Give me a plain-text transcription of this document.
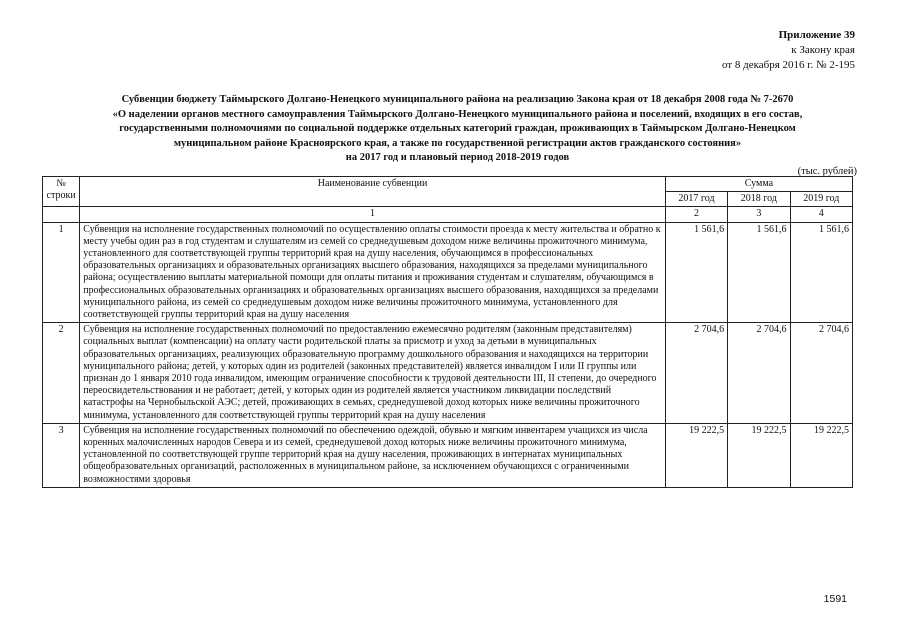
Приложение 39
к Закону края
от 8 декабря 2016 г. № 2-195
Субвенции бюджету Таймырского Долгано-Ненецкого муниципального района на реализацию Закона края от 18 декабря 2008 года № 7-2670
«О наделении органов местного самоуправления Таймырского Долгано-Ненецкого муниципального района и поселений, входящих в его состав,
государственными полномочиями по социальной поддержке отдельных категорий граждан, проживающих в Таймырском Долгано-Ненецком
муниципальном районе Красноярского края, а также по государственной регистрации актов гражданского состояния»
на 2017 год и плановый период 2018-2019 годов
(тыс. рублей)
№
строки	Наименование субвенции	Сумма		
		2017 год	2018 год	2019 год
	1	2	3	4
1	Субвенция на исполнение государственных полномочий по осуществлению оплаты стоимости проезда к месту жительства и обратно к месту учебы один раз в год студентам и слушателям из семей со среднедушевым доходом ниже величины прожиточного минимума, установленного для соответствующей группы территорий края на душу населения, обучающимся в профессиональных образовательных организациях и образовательных организациях высшего образования, находящихся за пределами муниципального района; осуществлению выплаты материальной помощи для оплаты питания и проживания студентам и слушателям, обучающимся в профессиональных образовательных организациях и образовательных организациях высшего образования, находящихся за пределами муниципального района, из семей со среднедушевым доходом ниже величины прожиточного минимума, установленного для соответствующей группы территорий края на душу населения	1 561,6	1 561,6	1 561,6
2	Субвенция на исполнение государственных полномочий по предоставлению ежемесячно родителям (законным представителям) социальных выплат (компенсации) на оплату части родительской платы за присмотр и уход за детьми в муниципальных образовательных организациях, реализующих образовательную программу дошкольного образования и находящихся на территории муниципального района; детей, у которых один из родителей (законных представителей) является инвалидом I или II группы или признан до 1 января 2010 года инвалидом, имеющим ограничение способности к трудовой деятельности III, II степени, до очередного переосвидетельствования и не работает; детей, у которых один из родителей является участником ликвидации последствий катастрофы на Чернобыльской АЭС; детей, проживающих в семьях, среднедушевой доход которых ниже величины прожиточного минимума, установленного для соответствующей группы территорий края на душу населения	2 704,6	2 704,6	2 704,6
3	Субвенция на исполнение государственных полномочий по обеспечению одеждой, обувью и мягким инвентарем учащихся из числа коренных малочисленных народов Севера и из семей, среднедушевой доход которых ниже величины прожиточного минимума, установленной по соответствующей группе территорий края на душу населения, проживающих в интернатах муниципальных общеобразовательных организаций, расположенных в муниципальном районе, за исключением обучающихся с ограниченными возможностями здоровья	19 222,5	19 222,5	19 222,5
1591
